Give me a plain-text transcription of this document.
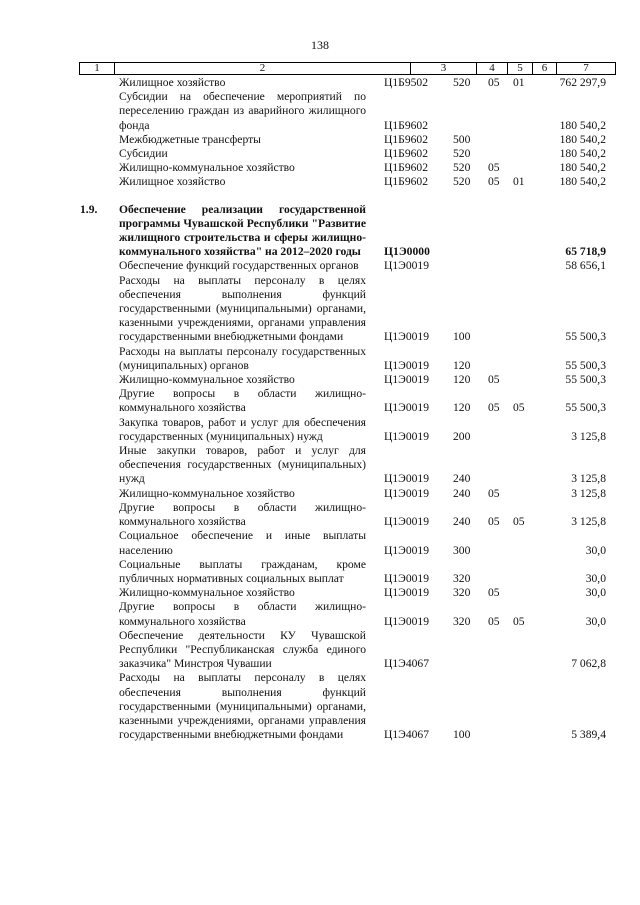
138
1	2	3	4	5	6	7
Жилищное хозяйство	Ц1Б9502 520 05 01	762 297,9
Субсидии на обеспечение мероприятий по переселению граждан из аварийного жилищного фонда	Ц1Б9602	180 540,2
Межбюджетные трансферты	Ц1Б9602 500	180 540,2
Субсидии	Ц1Б9602 520	180 540,2
Жилищно-коммунальное хозяйство	Ц1Б9602 520 05	180 540,2
Жилищное хозяйство	Ц1Б9602 520 05 01	180 540,2
1.9.	Обеспечение реализации государственной программы Чувашской Республики "Развитие жилищного строительства и сферы жилищно-коммунального хозяйства" на 2012–2020 годы	Ц1Э0000	65 718,9
Обеспечение функций государственных органов	Ц1Э0019	58 656,1
Расходы на выплаты персоналу в целях обеспечения выполнения функций государственными (муниципальными) органами, казенными учреждениями, органами управления государственными внебюджетными фондами	Ц1Э0019 100	55 500,3
Расходы на выплаты персоналу государственных (муниципальных) органов	Ц1Э0019 120	55 500,3
Жилищно-коммунальное хозяйство	Ц1Э0019 120 05	55 500,3
Другие вопросы в области жилищно-коммунального хозяйства	Ц1Э0019 120 05 05	55 500,3
Закупка товаров, работ и услуг для обеспечения государственных (муниципальных) нужд	Ц1Э0019 200	3 125,8
Иные закупки товаров, работ и услуг для обеспечения государственных (муниципальных) нужд	Ц1Э0019 240	3 125,8
Жилищно-коммунальное хозяйство	Ц1Э0019 240 05	3 125,8
Другие вопросы в области жилищно-коммунального хозяйства	Ц1Э0019 240 05 05	3 125,8
Социальное обеспечение и иные выплаты населению	Ц1Э0019 300	30,0
Социальные выплаты гражданам, кроме публичных нормативных социальных выплат	Ц1Э0019 320	30,0
Жилищно-коммунальное хозяйство	Ц1Э0019 320 05	30,0
Другие вопросы в области жилищно-коммунального хозяйства	Ц1Э0019 320 05 05	30,0
Обеспечение деятельности КУ Чувашской Республики "Республиканская служба единого заказчика" Минстроя Чувашии	Ц1Э4067	7 062,8
Расходы на выплаты персоналу в целях обеспечения выполнения функций государственными (муниципальными) органами, казенными учреждениями, органами управления государственными внебюджетными фондами	Ц1Э4067 100	5 389,4
